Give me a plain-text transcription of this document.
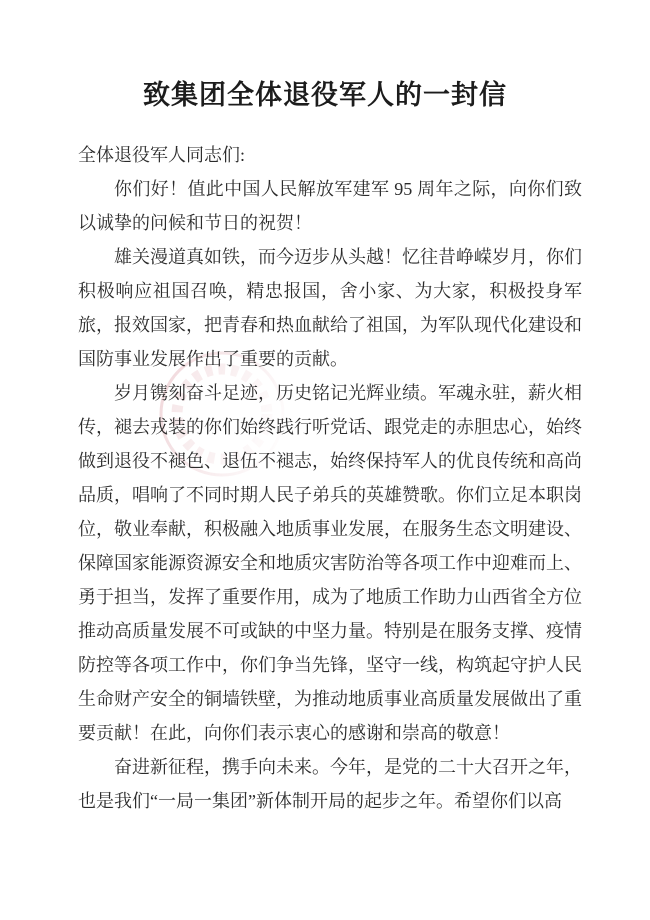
致集团全体退役军人的一封信
全体退役军人同志们:

你们好！值此中国人民解放军建军 95 周年之际，向你们致以诚挚的问候和节日的祝贺！

雄关漫道真如铁，而今迈步从头越！忆往昔峥嵘岁月，你们积极响应祖国召唤，精忠报国，舍小家、为大家，积极投身军旅，报效国家，把青春和热血献给了祖国，为军队现代化建设和国防事业发展作出了重要的贡献。

岁月镌刻奋斗足迹，历史铭记光辉业绩。军魂永驻，薪火相传，褪去戎装的你们始终践行听党话、跟党走的赤胆忠心，始终做到退役不褪色、退伍不褪志，始终保持军人的优良传统和高尚品质，唱响了不同时期人民子弟兵的英雄赞歌。你们立足本职岗位，敬业奉献，积极融入地质事业发展，在服务生态文明建设、保障国家能源资源安全和地质灾害防治等各项工作中迎难而上、勇于担当，发挥了重要作用，成为了地质工作助力山西省全方位推动高质量发展不可或缺的中坚力量。特别是在服务支撑、疫情防控等各项工作中，你们争当先锋，坚守一线，构筑起守护人民生命财产安全的铜墙铁壁，为推动地质事业高质量发展做出了重要贡献！在此，向你们表示衷心的感谢和崇高的敬意！

奋进新征程，携手向未来。今年，是党的二十大召开之年，也是我们“一局一集团”新体制开局的起步之年。希望你们以高
